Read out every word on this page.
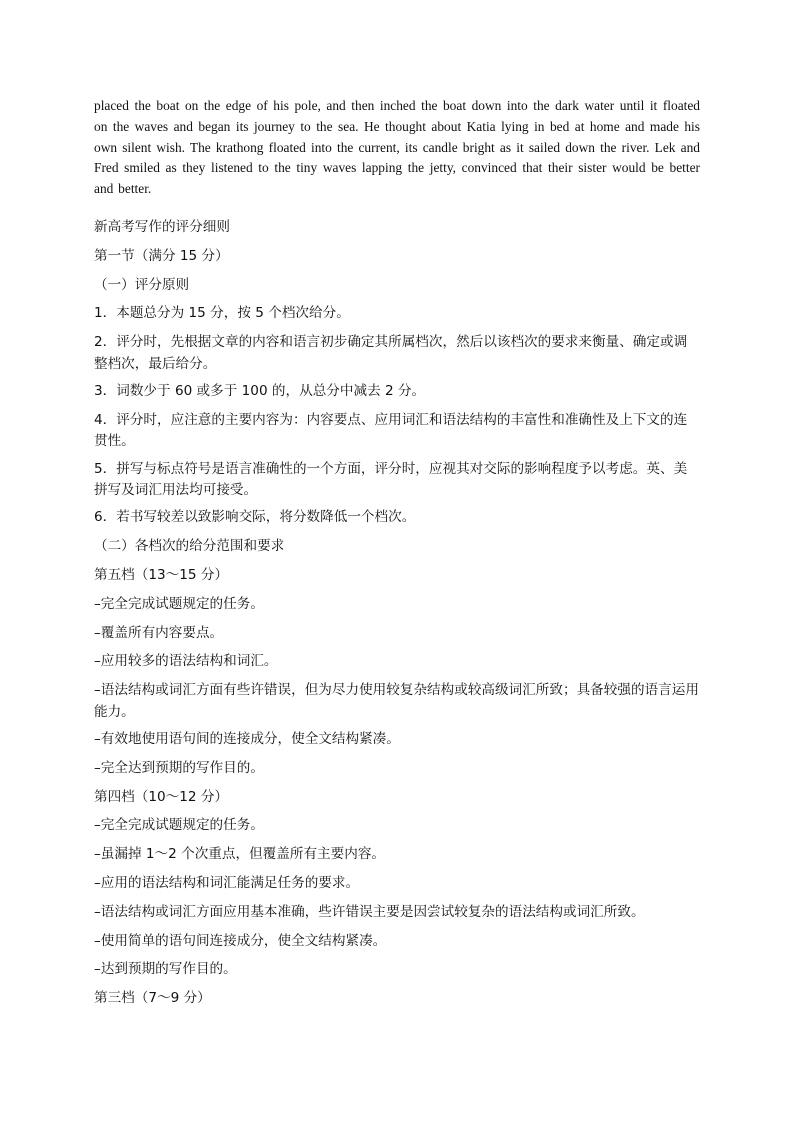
placed the boat on the edge of his pole, and then inched the boat down into the dark water until it floated on the waves and began its journey to the sea. He thought about Katia lying in bed at home and made his own silent wish. The krathong floated into the current, its candle bright as it sailed down the river. Lek and Fred smiled as they listened to the tiny waves lapping the jetty, convinced that their sister would be better and better.

新高考写作的评分细则

第一节（满分 15 分）

（一）评分原则

1．本题总分为 15 分，按 5 个档次给分。

2．评分时，先根据文章的内容和语言初步确定其所属档次，然后以该档次的要求来衡量、确定或调整档次，最后给分。

3．词数少于 60 或多于 100 的，从总分中减去 2 分。

4．评分时，应注意的主要内容为：内容要点、应用词汇和语法结构的丰富性和准确性及上下文的连贯性。

5．拼写与标点符号是语言准确性的一个方面，评分时，应视其对交际的影响程度予以考虑。英、美拼写及词汇用法均可接受。

6．若书写较差以致影响交际，将分数降低一个档次。

（二）各档次的给分范围和要求

第五档（13～15 分）

–完全完成试题规定的任务。

–覆盖所有内容要点。

–应用较多的语法结构和词汇。

–语法结构或词汇方面有些许错误，但为尽力使用较复杂结构或较高级词汇所致；具备较强的语言运用能力。

–有效地使用语句间的连接成分，使全文结构紧凑。

–完全达到预期的写作目的。

第四档（10～12 分）

–完全完成试题规定的任务。

–虽漏掉 1～2 个次重点，但覆盖所有主要内容。

–应用的语法结构和词汇能满足任务的要求。

–语法结构或词汇方面应用基本准确，些许错误主要是因尝试较复杂的语法结构或词汇所致。

–使用简单的语句间连接成分，使全文结构紧凑。

–达到预期的写作目的。

第三档（7～9 分）
